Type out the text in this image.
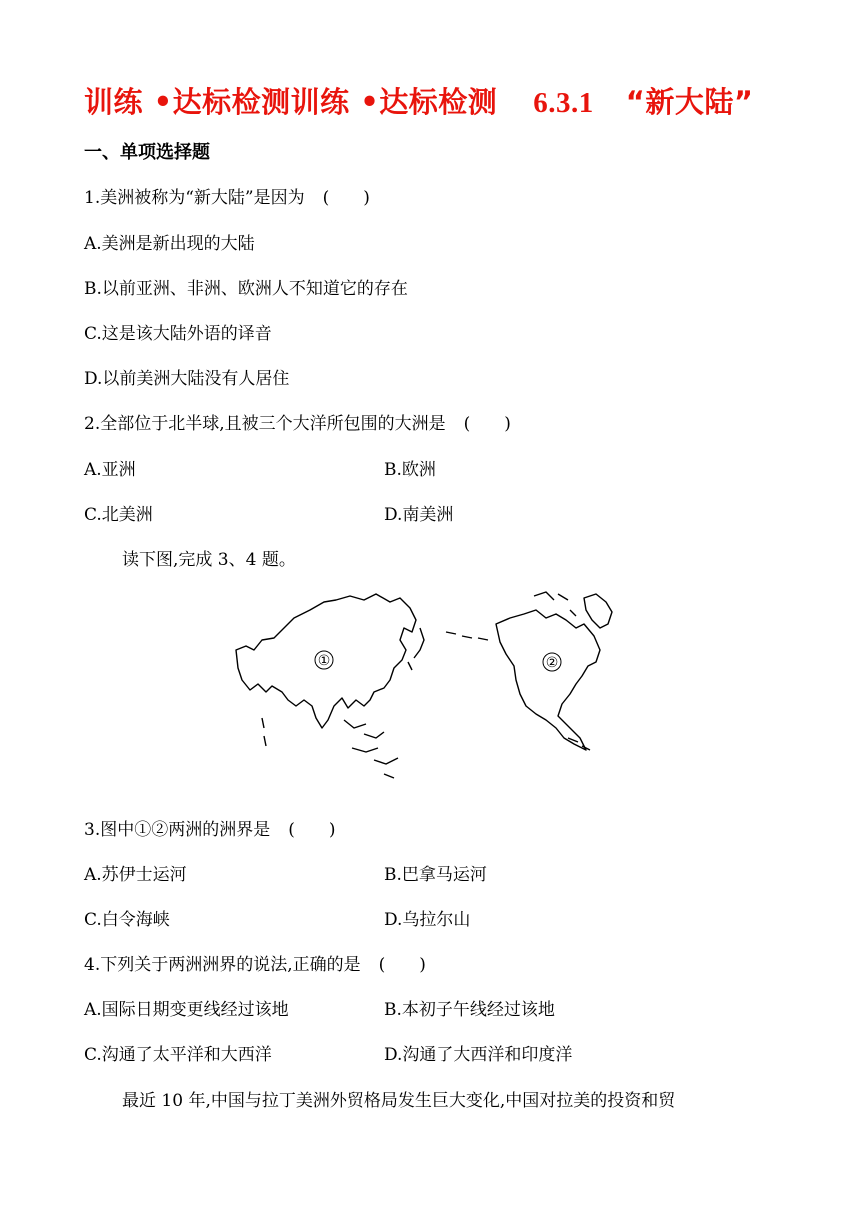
训练 •达标检测训练 •达标检测 6.3.1 “新大陆”
一、单项选择题
1.美洲被称为“新大陆”是因为 (　　)
A.美洲是新出现的大陆
B.以前亚洲、非洲、欧洲人不知道它的存在
C.这是该大陆外语的译音
D.以前美洲大陆没有人居住
2.全部位于北半球,且被三个大洋所包围的大洲是 (　　)
A.亚洲	B.欧洲
C.北美洲	D.南美洲
读下图,完成 3、4 题。
①	②
3.图中①②两洲的洲界是 (　　)
A.苏伊士运河	B.巴拿马运河
C.白令海峡	D.乌拉尔山
4.下列关于两洲洲界的说法,正确的是 (　　)
A.国际日期变更线经过该地	B.本初子午线经过该地
C.沟通了太平洋和大西洋	D.沟通了大西洋和印度洋
最近 10 年,中国与拉丁美洲外贸格局发生巨大变化,中国对拉美的投资和贸
